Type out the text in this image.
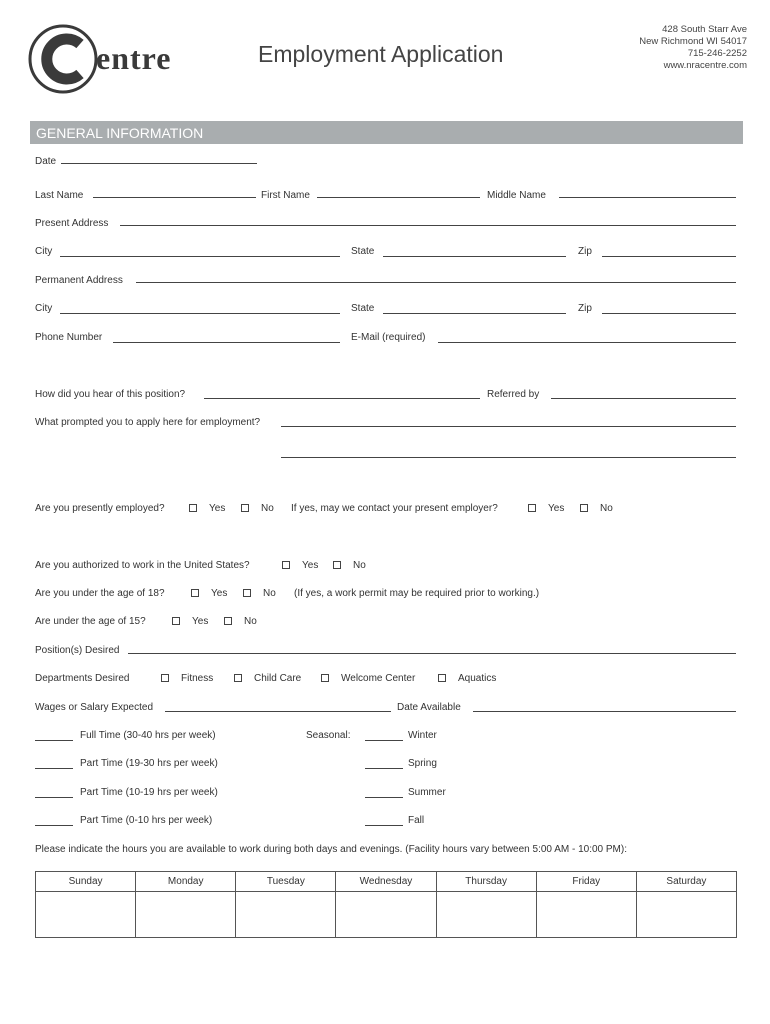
entre	Employment Application
428 South Starr Ave
New Richmond WI 54017
715-246-2252
www.nracentre.com
GENERAL INFORMATION
Date
Last Name	First Name	Middle Name
Present Address
City	State	Zip
Permanent Address
City	State	Zip
Phone Number	E-Mail (required)
How did you hear of this position?	Referred by
What prompted you to apply here for employment?
Are you presently employed?	Yes	No If yes, may we contact your present employer?	Yes	No
Are you authorized to work in the United States?	Yes	No
Are you under the age of 18?	Yes	No (If yes, a work permit may be required prior to working.)
Are under the age of 15?	Yes	No
Position(s) Desired
Departments Desired	Fitness	Child Care	Welcome Center	Aquatics
Wages or Salary Expected	Date Available
Full Time (30-40 hrs per week)	Seasonal:	Winter
Part Time (19-30 hrs per week)	Spring
Part Time (10-19 hrs per week)	Summer
Part Time (0-10 hrs per week)	Fall
Please indicate the hours you are available to work during both days and evenings. (Facility hours vary between 5:00 AM - 10:00 PM):
Sunday	Monday	Tuesday	Wednesday	Thursday	Friday	Saturday
